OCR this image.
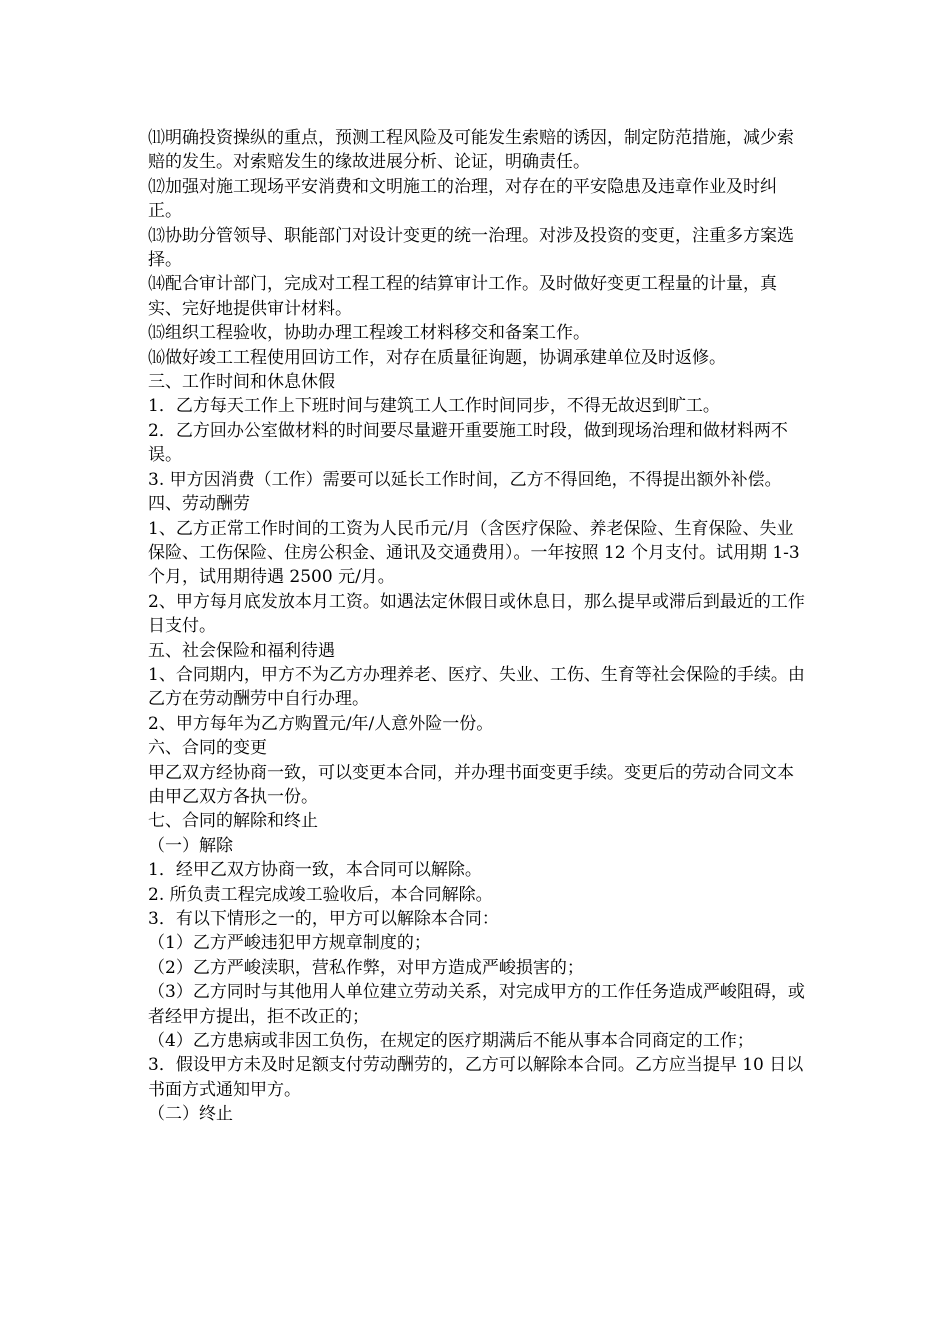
⑾明确投资操纵的重点，预测工程风险及可能发生索赔的诱因，制定防范措施，减少索赔的发生。对索赔发生的缘故进展分析、论证，明确责任。

⑿加强对施工现场平安消费和文明施工的治理，对存在的平安隐患及违章作业及时纠正。

⒀协助分管领导、职能部门对设计变更的统一治理。对涉及投资的变更，注重多方案选择。

⒁配合审计部门，完成对工程工程的结算审计工作。及时做好变更工程量的计量，真实、完好地提供审计材料。

⒂组织工程验收，协助办理工程竣工材料移交和备案工作。

⒃做好竣工工程使用回访工作，对存在质量征询题，协调承建单位及时返修。

三、工作时间和休息休假

1．乙方每天工作上下班时间与建筑工人工作时间同步，不得无故迟到旷工。

2．乙方回办公室做材料的时间要尽量避开重要施工时段，做到现场治理和做材料两不误。

3. 甲方因消费（工作）需要可以延长工作时间，乙方不得回绝，不得提出额外补偿。

四、劳动酬劳

1、乙方正常工作时间的工资为人民币元/月（含医疗保险、养老保险、生育保险、失业保险、工伤保险、住房公积金、通讯及交通费用）。一年按照 12 个月支付。试用期 1-3 个月，试用期待遇 2500 元/月。

2、甲方每月底发放本月工资。如遇法定休假日或休息日，那么提早或滞后到最近的工作日支付。

五、社会保险和福利待遇

1、合同期内，甲方不为乙方办理养老、医疗、失业、工伤、生育等社会保险的手续。由乙方在劳动酬劳中自行办理。

2、甲方每年为乙方购置元/年/人意外险一份。

六、合同的变更

甲乙双方经协商一致，可以变更本合同，并办理书面变更手续。变更后的劳动合同文本由甲乙双方各执一份。

七、合同的解除和终止

（一）解除

1．经甲乙双方协商一致，本合同可以解除。

2. 所负责工程完成竣工验收后，本合同解除。

3．有以下情形之一的，甲方可以解除本合同：

（1）乙方严峻违犯甲方规章制度的；

（2）乙方严峻渎职，营私作弊，对甲方造成严峻损害的；

（3）乙方同时与其他用人单位建立劳动关系，对完成甲方的工作任务造成严峻阻碍，或者经甲方提出，拒不改正的；

（4）乙方患病或非因工负伤，在规定的医疗期满后不能从事本合同商定的工作；

3．假设甲方未及时足额支付劳动酬劳的，乙方可以解除本合同。乙方应当提早 10 日以书面方式通知甲方。

（二）终止
